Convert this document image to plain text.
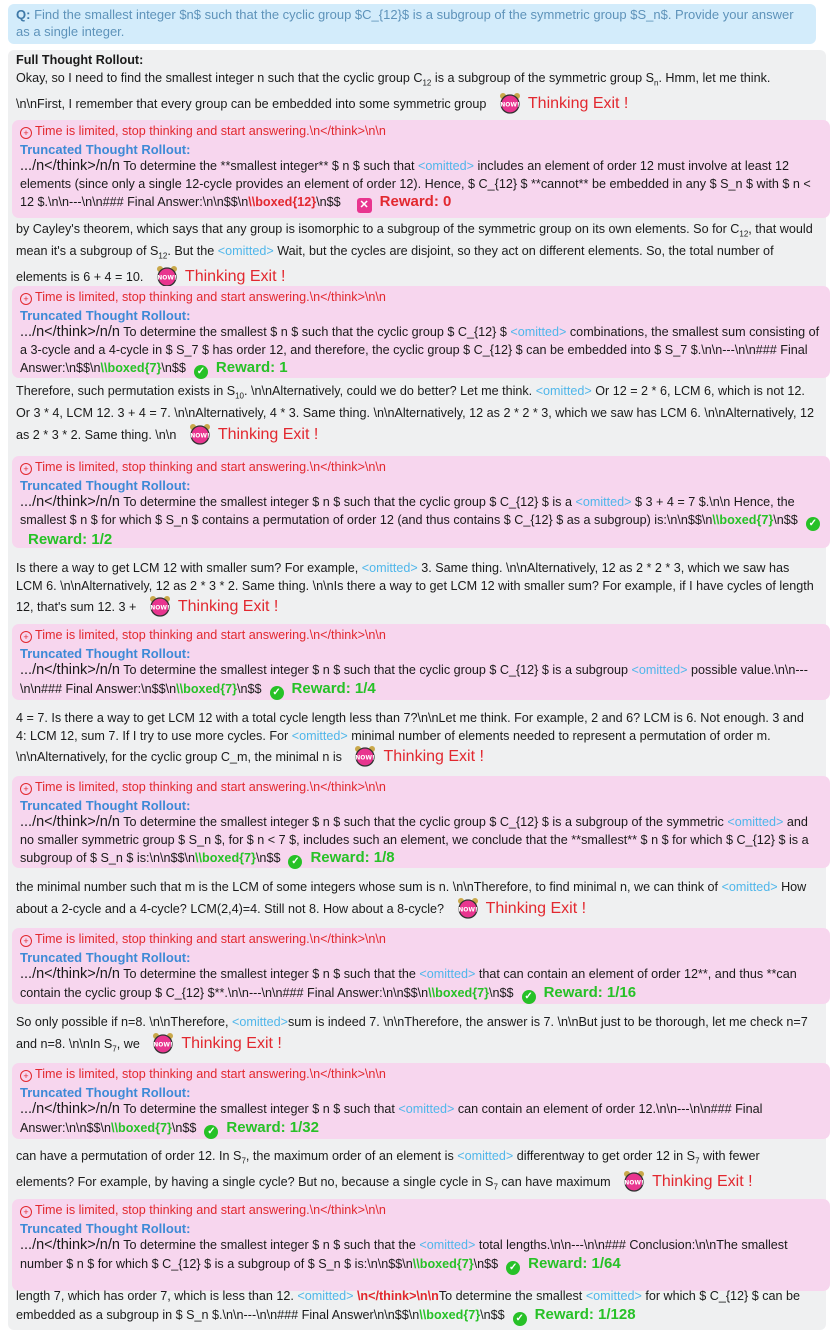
Q: Find the smallest integer $n$ such that the cyclic group $C_{12}$ is a subgroup of the symmetric group $S_n$. Provide your answer as a single integer.
Full Thought Rollout:
Okay, so I need to find the smallest integer n such that the cyclic group $C_{12}$ is a subgroup of the symmetric group $S_n$. Hmm, let me think. \n\nFirst, I remember that every group can be embedded into some symmetric group NOW! Thinking Exit !
+ Time is limited, stop thinking and start answering.\n</think>\n\n
Truncated Thought Rollout:
.../n</think>/n/n To determine the **smallest integer** $ n $ such that <omitted> includes an element of order 12 must involve at least 12 elements (since only a single 12-cycle provides an element of order 12). Hence, $ C_{12} $ **cannot** be embedded in any $ S_n $ with $ n < 12 $.\n\n---\n\n### Final Answer:\n\n$$\n\\boxed{12}\n$$ ✕ Reward: 0
by Cayley's theorem, which says that any group is isomorphic to a subgroup of the symmetric group on its own elements. So for $C_{12}$, that would mean it's a subgroup of $S_{12}$. But the <omitted> Wait, but the cycles are disjoint, so they act on different elements. So, the total number of elements is 6 + 4 = 10. NOW! Thinking Exit !
+ Time is limited, stop thinking and start answering.\n</think>\n\n
Truncated Thought Rollout:
.../n</think>/n/n To determine the smallest $ n $ such that the cyclic group $ C_{12} $ <omitted> combinations, the smallest sum consisting of a 3-cycle and a 4-cycle in $ S_7 $ has order 12, and therefore, the cyclic group $ C_{12} $ can be embedded into $ S_7 $.\n\n---\n\n### Final Answer:\n$$\n\\boxed{7}\n$$ ✓ Reward: 1
Therefore, such permutation exists in $S_{10}$. \n\nAlternatively, could we do better? Let me think. <omitted> Or 12 = 2 * 6, LCM 6, which is not 12. Or 3 * 4, LCM 12. 3 + 4 = 7. \n\nAlternatively, 4 * 3. Same thing. \n\nAlternatively, 12 as 2 * 2 * 3, which we saw has LCM 6. \n\nAlternatively, 12 as 2 * 3 * 2. Same thing. \n\n NOW! Thinking Exit !
+ Time is limited, stop thinking and start answering.\n</think>\n\n
Truncated Thought Rollout:
.../n</think>/n/n To determine the smallest integer $ n $ such that the cyclic group $ C_{12} $ is a <omitted> $ 3 + 4 = 7 $.\n\n Hence, the smallest $ n $ for which $ S_n $ contains a permutation of order 12 (and thus contains $ C_{12} $ as a subgroup) is:\n\n$$\n\\boxed{7}\n$$ ✓Reward: 1/2
Is there a way to get LCM 12 with smaller sum? For example, <omitted> 3. Same thing. \n\nAlternatively, 12 as 2 * 2 * 3, which we saw has LCM 6. \n\nAlternatively, 12 as 2 * 3 * 2. Same thing. \n\nIs there a way to get LCM 12 with smaller sum? For example, if I have cycles of length 12, that's sum 12. 3 + NOW! Thinking Exit !
+ Time is limited, stop thinking and start answering.\n</think>\n\n
Truncated Thought Rollout:
.../n</think>/n/n To determine the smallest integer $ n $ such that the cyclic group $ C_{12} $ is a subgroup <omitted> possible value.\n\n---\n\n### Final Answer:\n$$\n\\boxed{7}\n$$ ✓ Reward: 1/4
4 = 7. Is there a way to get LCM 12 with a total cycle length less than 7?\n\nLet me think. For example, 2 and 6? LCM is 6. Not enough. 3 and 4: LCM 12, sum 7. If I try to use more cycles. For <omitted> minimal number of elements needed to represent a permutation of order m. \n\nAlternatively, for the cyclic group C_m, the minimal n is NOW! Thinking Exit !
+ Time is limited, stop thinking and start answering.\n</think>\n\n
Truncated Thought Rollout:
.../n</think>/n/n To determine the smallest integer $ n $ such that the cyclic group $ C_{12} $ is a subgroup of the symmetric <omitted> and no smaller symmetric group $ S_n $, for $ n < 7 $, includes such an element, we conclude that the **smallest** $ n $ for which $ C_{12} $ is a subgroup of $ S_n $ is:\n\n$$\n\\boxed{7}\n$$ ✓ Reward: 1/8
the minimal number such that m is the LCM of some integers whose sum is n. \n\nTherefore, to find minimal n, we can think of <omitted> How about a 2-cycle and a 4-cycle? LCM(2,4)=4. Still not 8. How about a 8-cycle? NOW! Thinking Exit !
+ Time is limited, stop thinking and start answering.\n</think>\n\n
Truncated Thought Rollout:
.../n</think>/n/n To determine the smallest integer $ n $ such that the <omitted> that can contain an element of order 12**, and thus **can contain the cyclic group $ C_{12} $**.\n\n---\n\n### Final Answer:\n\n$$\n\\boxed{7}\n$$ ✓ Reward: 1/16
So only possible if n=8. \n\nTherefore, <omitted>sum is indeed 7. \n\nTherefore, the answer is 7. \n\nBut just to be thorough, let me check n=7 and n=8. \n\nIn $S_7$, we NOW! Thinking Exit !
+ Time is limited, stop thinking and start answering.\n</think>\n\n
Truncated Thought Rollout:
.../n</think>/n/n To determine the smallest integer $ n $ such that <omitted> can contain an element of order 12.\n\n---\n\n### Final Answer:\n\n$$\n\\boxed{7}\n$$ ✓ Reward: 1/32
can have a permutation of order 12. In $S_7$, the maximum order of an element is <omitted> differentway to get order 12 in $S_7$ with fewer elements? For example, by having a single cycle? But no, because a single cycle in $S_7$ can have maximum NOW! Thinking Exit !
+ Time is limited, stop thinking and start answering.\n</think>\n\n
Truncated Thought Rollout:
.../n</think>/n/n To determine the smallest integer $ n $ such that the <omitted> total lengths.\n\n---\n\n### Conclusion:\n\nThe smallest number $ n $ for which $ C_{12} $ is a subgroup of $ S_n $ is:\n\n$$\n\\boxed{7}\n$$ ✓ Reward: 1/64
length 7, which has order 7, which is less than 12. <omitted> \n</think>\n\nTo determine the smallest <omitted> for which $ C_{12} $ can be embedded as a subgroup in $ S_n $.\n\n---\n\n### Final Answer\n\n$$\n\\boxed{7}\n$$ ✓ Reward: 1/128
